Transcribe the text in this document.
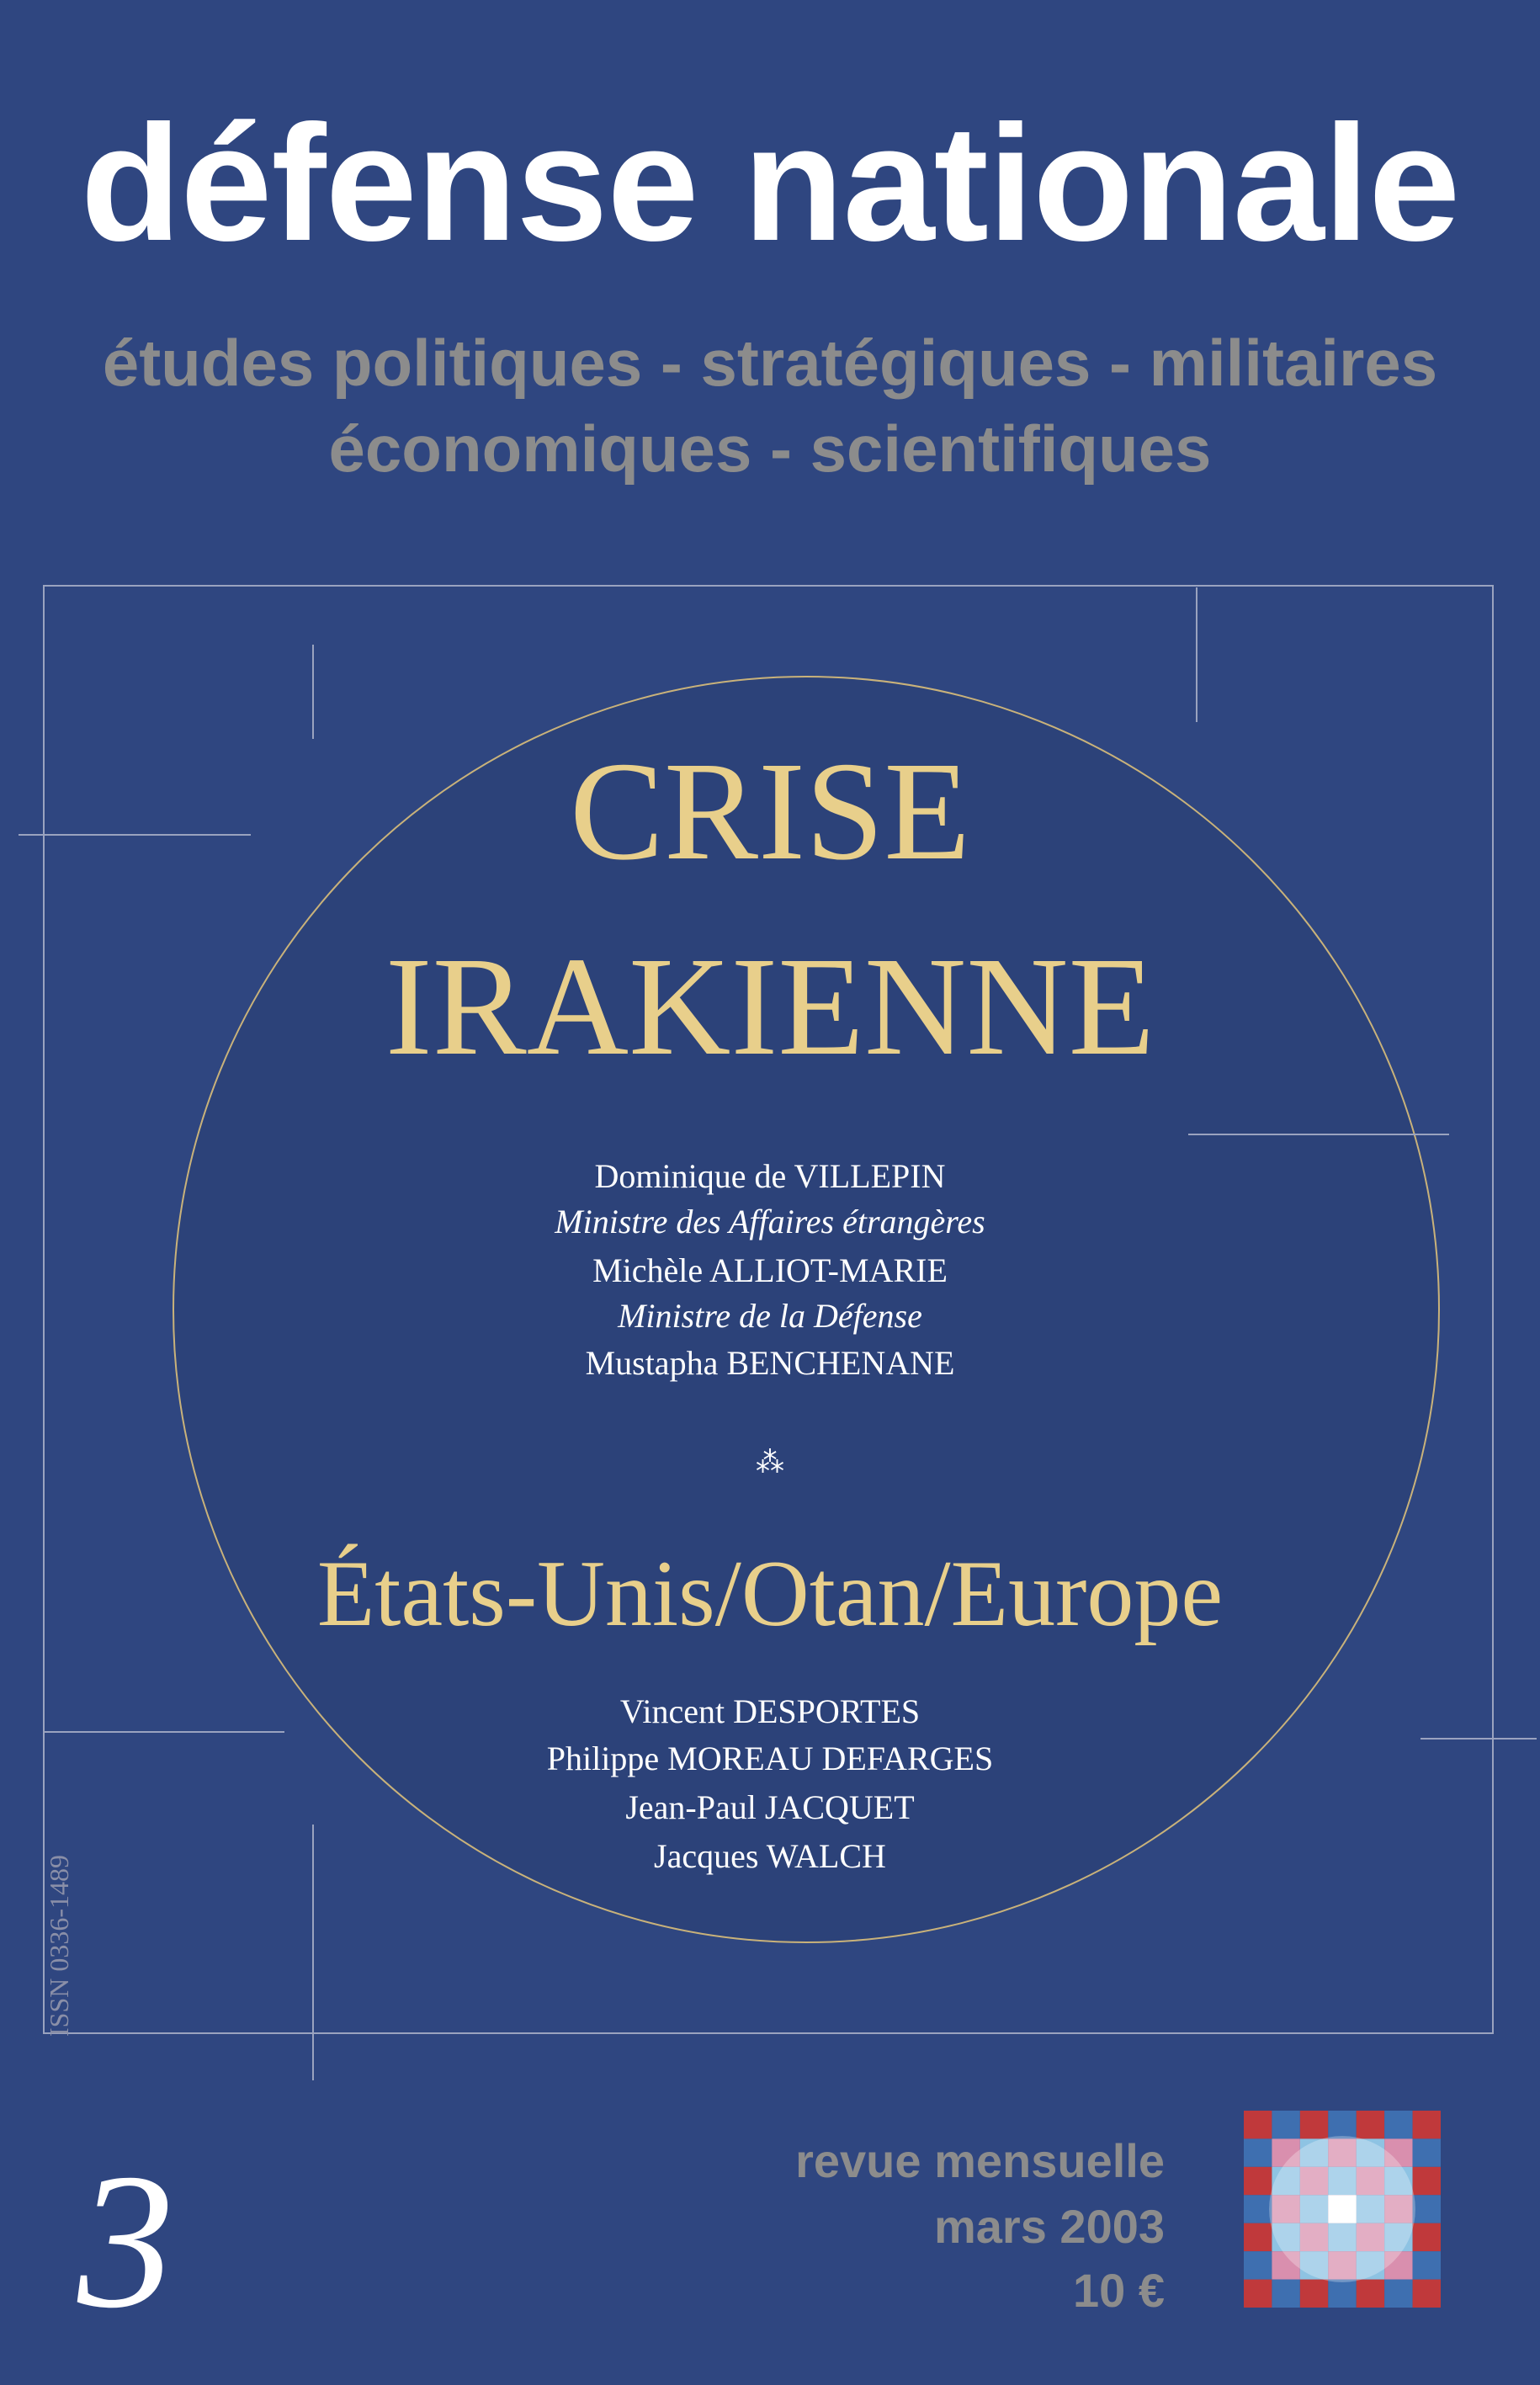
défense nationale
études politiques - stratégiques - militaires
économiques - scientifiques
CRISE
IRAKIENNE
Dominique de VILLEPIN
Ministre des Affaires étrangères
Michèle ALLIOT-MARIE
Ministre de la Défense
Mustapha BENCHENANE
⁂
États-Unis/Otan/Europe
Vincent DESPORTES
Philippe MOREAU DEFARGES
Jean-Paul JACQUET
Jacques WALCH
ISSN 0336-1489
3	revue mensuelle
mars 2003
10 €
